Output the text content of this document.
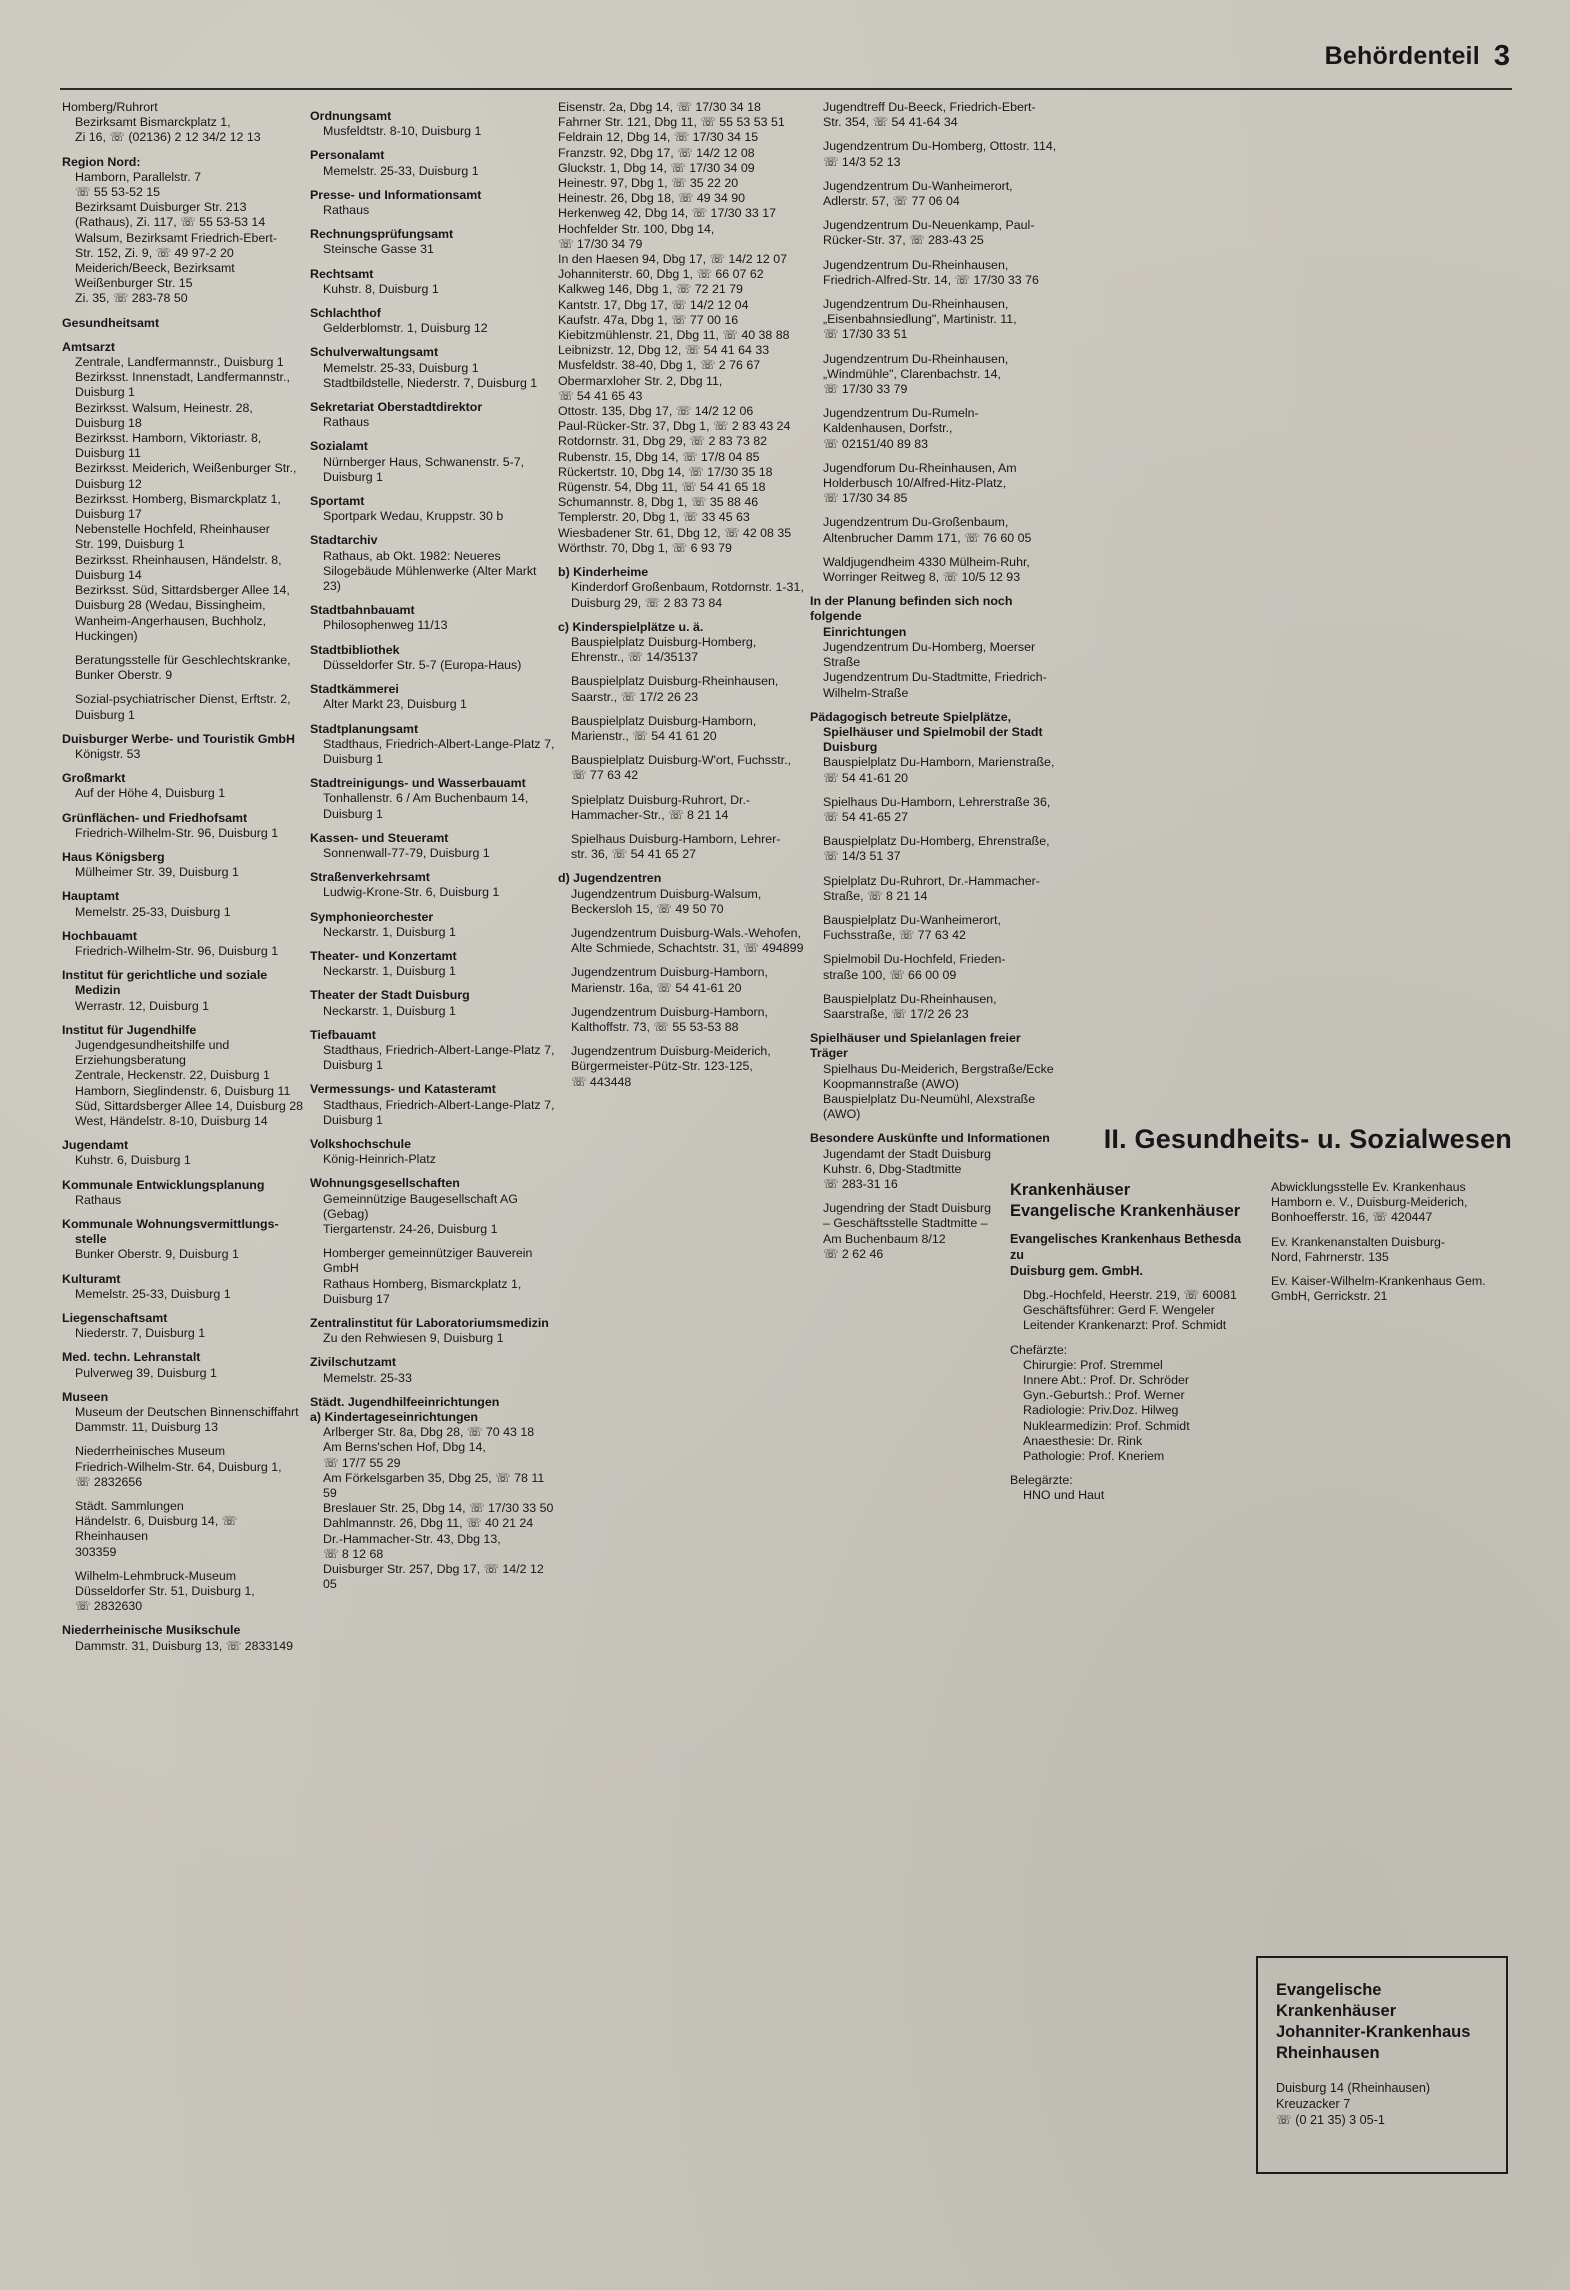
Behördenteil 3
Homberg/Ruhrort
Bezirksamt Bismarckplatz 1,
Zi 16, ☏ (02136) 2 12 34/2 12 13
Region Nord:
Hamborn, Parallelstr. 7
☏ 55 53-52 15
Bezirksamt Duisburger Str. 213
(Rathaus), Zi. 117, ☏ 55 53-53 14
Walsum, Bezirksamt Friedrich-Ebert-
Str. 152, Zi. 9, ☏ 49 97-2 20
Meiderich/Beeck, Bezirksamt
Weißenburger Str. 15
Zi. 35, ☏ 283-78 50
Gesundheitsamt
Amtsarzt
Zentrale, Landfermannstr., Duisburg 1
Bezirksst. Innenstadt, Landfermannstr.,
Duisburg 1
Bezirksst. Walsum, Heinestr. 28,
Duisburg 18
Bezirksst. Hamborn, Viktoriastr. 8,
Duisburg 11
Bezirksst. Meiderich, Weißenburger Str.,
Duisburg 12
Bezirksst. Homberg, Bismarckplatz 1,
Duisburg 17
Nebenstelle Hochfeld, Rheinhauser
Str. 199, Duisburg 1
Bezirksst. Rheinhausen, Händelstr. 8,
Duisburg 14
Bezirksst. Süd, Sittardsberger Allee 14,
Duisburg 28 (Wedau, Bissingheim,
Wanheim-Angerhausen, Buchholz,
Huckingen)
Beratungsstelle für Geschlechtskranke,
Bunker Oberstr. 9
Sozial-psychiatrischer Dienst, Erftstr. 2,
Duisburg 1
Duisburger Werbe- und Touristik GmbH
Königstr. 53
Großmarkt
Auf der Höhe 4, Duisburg 1
Grünflächen- und Friedhofsamt
Friedrich-Wilhelm-Str. 96, Duisburg 1
Haus Königsberg
Mülheimer Str. 39, Duisburg 1
Hauptamt
Memelstr. 25-33, Duisburg 1
Hochbauamt
Friedrich-Wilhelm-Str. 96, Duisburg 1
Institut für gerichtliche und soziale
Medizin
Werrastr. 12, Duisburg 1
Institut für Jugendhilfe
Jugendgesundheitshilfe und
Erziehungsberatung
Zentrale, Heckenstr. 22, Duisburg 1
Hamborn, Sieglindenstr. 6, Duisburg 11
Süd, Sittardsberger Allee 14, Duisburg 28
West, Händelstr. 8-10, Duisburg 14
Jugendamt
Kuhstr. 6, Duisburg 1
Kommunale Entwicklungsplanung
Rathaus
Kommunale Wohnungsvermittlungs-
stelle
Bunker Oberstr. 9, Duisburg 1
Kulturamt
Memelstr. 25-33, Duisburg 1
Liegenschaftsamt
Niederstr. 7, Duisburg 1
Med. techn. Lehranstalt
Pulverweg 39, Duisburg 1
Museen
Museum der Deutschen Binnenschiffahrt
Dammstr. 11, Duisburg 13
Niederrheinisches Museum
Friedrich-Wilhelm-Str. 64, Duisburg 1,
☏ 2832656
Städt. Sammlungen
Händelstr. 6, Duisburg 14, ☏ Rheinhausen
303359
Wilhelm-Lehmbruck-Museum
Düsseldorfer Str. 51, Duisburg 1,
☏ 2832630
Niederrheinische Musikschule
Dammstr. 31, Duisburg 13, ☏ 2833149
Ordnungsamt
Musfeldtstr. 8-10, Duisburg 1
Personalamt
Memelstr. 25-33, Duisburg 1
Presse- und Informationsamt
Rathaus
Rechnungsprüfungsamt
Steinsche Gasse 31
Rechtsamt
Kuhstr. 8, Duisburg 1
Schlachthof
Gelderblomstr. 1, Duisburg 12
Schulverwaltungsamt
Memelstr. 25-33, Duisburg 1
Stadtbildstelle, Niederstr. 7, Duisburg 1
Sekretariat Oberstadtdirektor
Rathaus
Sozialamt
Nürnberger Haus, Schwanenstr. 5-7,
Duisburg 1
Sportamt
Sportpark Wedau, Kruppstr. 30 b
Stadtarchiv
Rathaus, ab Okt. 1982: Neueres
Silogebäude Mühlenwerke (Alter Markt 23)
Stadtbahnbauamt
Philosophenweg 11/13
Stadtbibliothek
Düsseldorfer Str. 5-7 (Europa-Haus)
Stadtkämmerei
Alter Markt 23, Duisburg 1
Stadtplanungsamt
Stadthaus, Friedrich-Albert-Lange-Platz 7,
Duisburg 1
Stadtreinigungs- und Wasserbauamt
Tonhallenstr. 6 / Am Buchenbaum 14,
Duisburg 1
Kassen- und Steueramt
Sonnenwall-77-79, Duisburg 1
Straßenverkehrsamt
Ludwig-Krone-Str. 6, Duisburg 1
Symphonieorchester
Neckarstr. 1, Duisburg 1
Theater- und Konzertamt
Neckarstr. 1, Duisburg 1
Theater der Stadt Duisburg
Neckarstr. 1, Duisburg 1
Tiefbauamt
Stadthaus, Friedrich-Albert-Lange-Platz 7,
Duisburg 1
Vermessungs- und Katasteramt
Stadthaus, Friedrich-Albert-Lange-Platz 7,
Duisburg 1
Volkshochschule
König-Heinrich-Platz
Wohnungsgesellschaften
Gemeinnützige Baugesellschaft AG
(Gebag)
Tiergartenstr. 24-26, Duisburg 1
Homberger gemeinnütziger Bauverein
GmbH
Rathaus Homberg, Bismarckplatz 1,
Duisburg 17
Zentralinstitut für Laboratoriumsmedizin
Zu den Rehwiesen 9, Duisburg 1
Zivilschutzamt
Memelstr. 25-33
Städt. Jugendhilfeeinrichtungen
a) Kindertageseinrichtungen
Arlberger Str. 8a, Dbg 28, ☏ 70 43 18
Am Berns'schen Hof, Dbg 14,
☏ 17/7 55 29
Am Förkelsgarben 35, Dbg 25, ☏ 78 11 59
Breslauer Str. 25, Dbg 14, ☏ 17/30 33 50
Dahlmannstr. 26, Dbg 11, ☏ 40 21 24
Dr.-Hammacher-Str. 43, Dbg 13,
☏ 8 12 68
Duisburger Str. 257, Dbg 17, ☏ 14/2 12 05
Eisenstr. 2a, Dbg 14, ☏ 17/30 34 18
Fahrner Str. 121, Dbg 11, ☏ 55 53 53 51
Feldrain 12, Dbg 14, ☏ 17/30 34 15
Franzstr. 92, Dbg 17, ☏ 14/2 12 08
Gluckstr. 1, Dbg 14, ☏ 17/30 34 09
Heinestr. 97, Dbg 1, ☏ 35 22 20
Heinestr. 26, Dbg 18, ☏ 49 34 90
Herkenweg 42, Dbg 14, ☏ 17/30 33 17
Hochfelder Str. 100, Dbg 14,
☏ 17/30 34 79
In den Haesen 94, Dbg 17, ☏ 14/2 12 07
Johanniterstr. 60, Dbg 1, ☏ 66 07 62
Kalkweg 146, Dbg 1, ☏ 72 21 79
Kantstr. 17, Dbg 17, ☏ 14/2 12 04
Kaufstr. 47a, Dbg 1, ☏ 77 00 16
Kiebitzmühlenstr. 21, Dbg 11, ☏ 40 38 88
Leibnizstr. 12, Dbg 12, ☏ 54 41 64 33
Musfeldstr. 38-40, Dbg 1, ☏ 2 76 67
Obermarxloher Str. 2, Dbg 11,
☏ 54 41 65 43
Ottostr. 135, Dbg 17, ☏ 14/2 12 06
Paul-Rücker-Str. 37, Dbg 1, ☏ 2 83 43 24
Rotdornstr. 31, Dbg 29, ☏ 2 83 73 82
Rubenstr. 15, Dbg 14, ☏ 17/8 04 85
Rückertstr. 10, Dbg 14, ☏ 17/30 35 18
Rügenstr. 54, Dbg 11, ☏ 54 41 65 18
Schumannstr. 8, Dbg 1, ☏ 35 88 46
Templerstr. 20, Dbg 1, ☏ 33 45 63
Wiesbadener Str. 61, Dbg 12, ☏ 42 08 35
Wörthstr. 70, Dbg 1, ☏ 6 93 79
b) Kinderheime
Kinderdorf Großenbaum, Rotdornstr. 1-31,
Duisburg 29, ☏ 2 83 73 84
c) Kinderspielplätze u. ä.
Bauspielplatz Duisburg-Homberg,
Ehrenstr., ☏ 14/35137
Bauspielplatz Duisburg-Rheinhausen,
Saarstr., ☏ 17/2 26 23
Bauspielplatz Duisburg-Hamborn,
Marienstr., ☏ 54 41 61 20
Bauspielplatz Duisburg-W'ort, Fuchsstr.,
☏ 77 63 42
Spielplatz Duisburg-Ruhrort, Dr.-
Hammacher-Str., ☏ 8 21 14
Spielhaus Duisburg-Hamborn, Lehrer-
str. 36, ☏ 54 41 65 27
d) Jugendzentren
Jugendzentrum Duisburg-Walsum,
Beckersloh 15, ☏ 49 50 70
Jugendzentrum Duisburg-Wals.-Wehofen,
Alte Schmiede, Schachtstr. 31, ☏ 494899
Jugendzentrum Duisburg-Hamborn,
Marienstr. 16a, ☏ 54 41-61 20
Jugendzentrum Duisburg-Hamborn,
Kalthoffstr. 73, ☏ 55 53-53 88
Jugendzentrum Duisburg-Meiderich,
Bürgermeister-Pütz-Str. 123-125,
☏ 443448
Jugendtreff Du-Beeck, Friedrich-Ebert-
Str. 354, ☏ 54 41-64 34
Jugendzentrum Du-Homberg, Ottostr. 114,
☏ 14/3 52 13
Jugendzentrum Du-Wanheimerort,
Adlerstr. 57, ☏ 77 06 04
Jugendzentrum Du-Neuenkamp, Paul-
Rücker-Str. 37, ☏ 283-43 25
Jugendzentrum Du-Rheinhausen,
Friedrich-Alfred-Str. 14, ☏ 17/30 33 76
Jugendzentrum Du-Rheinhausen,
„Eisenbahnsiedlung", Martinistr. 11,
☏ 17/30 33 51
Jugendzentrum Du-Rheinhausen,
„Windmühle", Clarenbachstr. 14,
☏ 17/30 33 79
Jugendzentrum Du-Rumeln-
Kaldenhausen, Dorfstr.,
☏ 02151/40 89 83
Jugendforum Du-Rheinhausen, Am
Holderbusch 10/Alfred-Hitz-Platz,
☏ 17/30 34 85
Jugendzentrum Du-Großenbaum,
Altenbrucher Damm 171, ☏ 76 60 05
Waldjugendheim 4330 Mülheim-Ruhr,
Worringer Reitweg 8, ☏ 10/5 12 93
In der Planung befinden sich noch folgende
Einrichtungen
Jugendzentrum Du-Homberg, Moerser
Straße
Jugendzentrum Du-Stadtmitte, Friedrich-
Wilhelm-Straße
Pädagogisch betreute Spielplätze,
Spielhäuser und Spielmobil der Stadt
Duisburg
Bauspielplatz Du-Hamborn, Marienstraße,
☏ 54 41-61 20
Spielhaus Du-Hamborn, Lehrerstraße 36,
☏ 54 41-65 27
Bauspielplatz Du-Homberg, Ehrenstraße,
☏ 14/3 51 37
Spielplatz Du-Ruhrort, Dr.-Hammacher-
Straße, ☏ 8 21 14
Bauspielplatz Du-Wanheimerort,
Fuchsstraße, ☏ 77 63 42
Spielmobil Du-Hochfeld, Frieden-
straße 100, ☏ 66 00 09
Bauspielplatz Du-Rheinhausen,
Saarstraße, ☏ 17/2 26 23
Spielhäuser und Spielanlagen freier Träger
Spielhaus Du-Meiderich, Bergstraße/Ecke
Koopmannstraße (AWO)
Bauspielplatz Du-Neumühl, Alexstraße
(AWO)
Besondere Auskünfte und Informationen
Jugendamt der Stadt Duisburg
Kuhstr. 6, Dbg-Stadtmitte
☏ 283-31 16
Jugendring der Stadt Duisburg
– Geschäftsstelle Stadtmitte –
Am Buchenbaum 8/12
☏ 2 62 46
II. Gesundheits- u. Sozialwesen
Krankenhäuser
Evangelische Krankenhäuser
Evangelisches Krankenhaus Bethesda zu
Duisburg gem. GmbH.
Dbg.-Hochfeld, Heerstr. 219, ☏ 60081
Geschäftsführer: Gerd F. Wengeler
Leitender Krankenarzt: Prof. Schmidt
Chefärzte:
Chirurgie: Prof. Stremmel
Innere Abt.: Prof. Dr. Schröder
Gyn.-Geburtsh.: Prof. Werner
Radiologie: Priv.Doz. Hilweg
Nuklearmedizin: Prof. Schmidt
Anaesthesie: Dr. Rink
Pathologie: Prof. Kneriem
Belegärzte:
HNO und Haut
Abwicklungsstelle Ev. Krankenhaus
Hamborn e. V., Duisburg-Meiderich,
Bonhoefferstr. 16, ☏ 420447
Ev. Krankenanstalten Duisburg-
Nord, Fahrnerstr. 135
Ev. Kaiser-Wilhelm-Krankenhaus Gem.
GmbH, Gerrickstr. 21
Evangelische Krankenhäuser
Johanniter-Krankenhaus
Rheinhausen
Duisburg 14 (Rheinhausen)
Kreuzacker 7
☏ (0 21 35) 3 05-1
